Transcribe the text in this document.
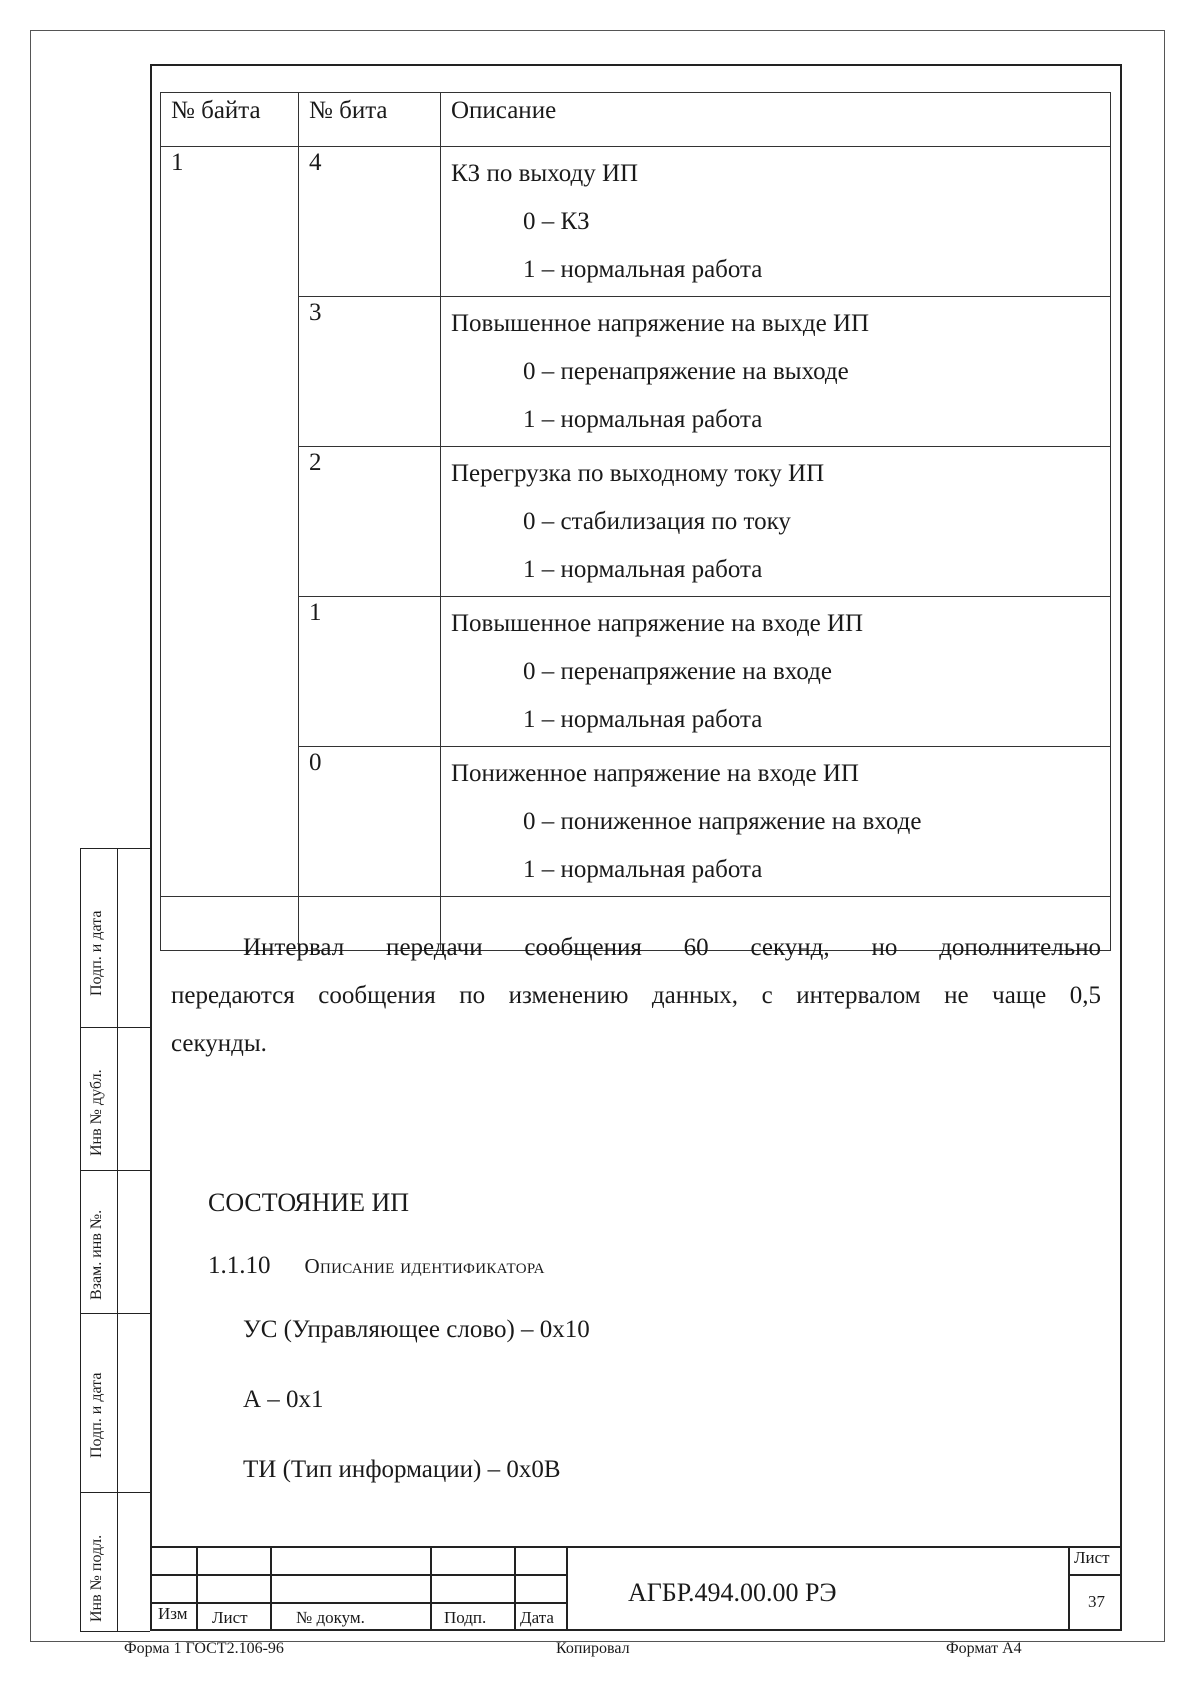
Подп. и дата
Инв № дубл.
Взам. инв №.
Подп. и дата
Инв № подл.
№ байта	№ бита	Описание
1	4	КЗ по выходу ИП
0 – КЗ
1 – нормальная работа

	3	Повышенное напряжение на выхде ИП
0 – перенапряжение на выходе
1 – нормальная работа

	2	Перегрузка по выходному току ИП
0 – стабилизация по току
1 – нормальная работа

	1	Повышенное напряжение на входе ИП
0 – перенапряжение на входе
1 – нормальная работа

	0	Пониженное напряжение на входе ИП
0 – пониженное напряжение на входе
1 – нормальная работа

Интервал передачи сообщения 60 секунд, но дополнительно
передаются сообщения по изменению данных, с интервалом не чаще 0,5
секунды.
СОСТОЯНИЕ ИП
1.1.10 Описание идентификатора
УС (Управляющее слово) – 0х10
А – 0х1
ТИ (Тип информации) – 0х0В
Изм Лист	№ докум.	Подп. Дата
АГБР.494.00.00 РЭ
Лист
37
Форма 1 ГОСТ2.106-96	Копировал	Формат А4
